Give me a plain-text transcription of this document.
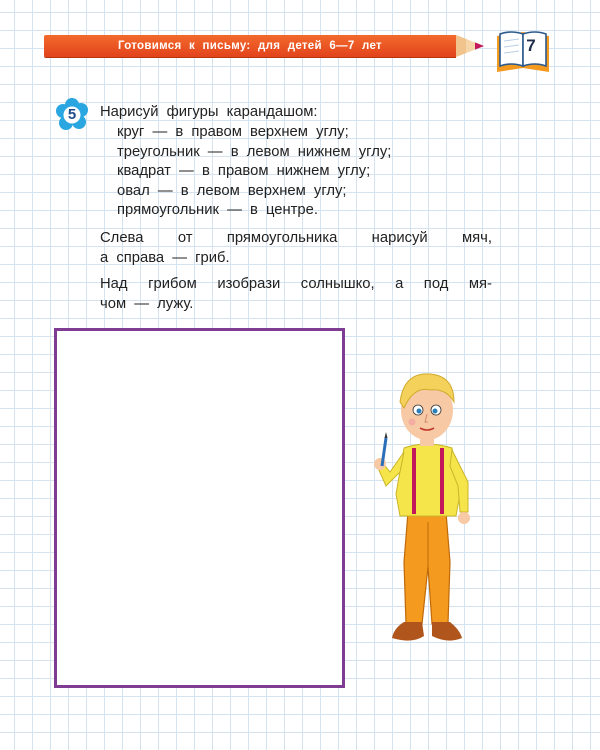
Готовимся к письму: для детей 6—7 лет	7
5	Нарисуй фигуры карандашом:

круг — в правом верхнем углу;
треугольник — в левом нижнем углу;
квадрат — в правом нижнем углу;
овал — в левом верхнем углу;
прямоугольник — в центре.

Слева от прямоугольника нарисуй мяч,
а справа — гриб.

Над грибом изобрази солнышко, а под мя-
чом — лужу.
